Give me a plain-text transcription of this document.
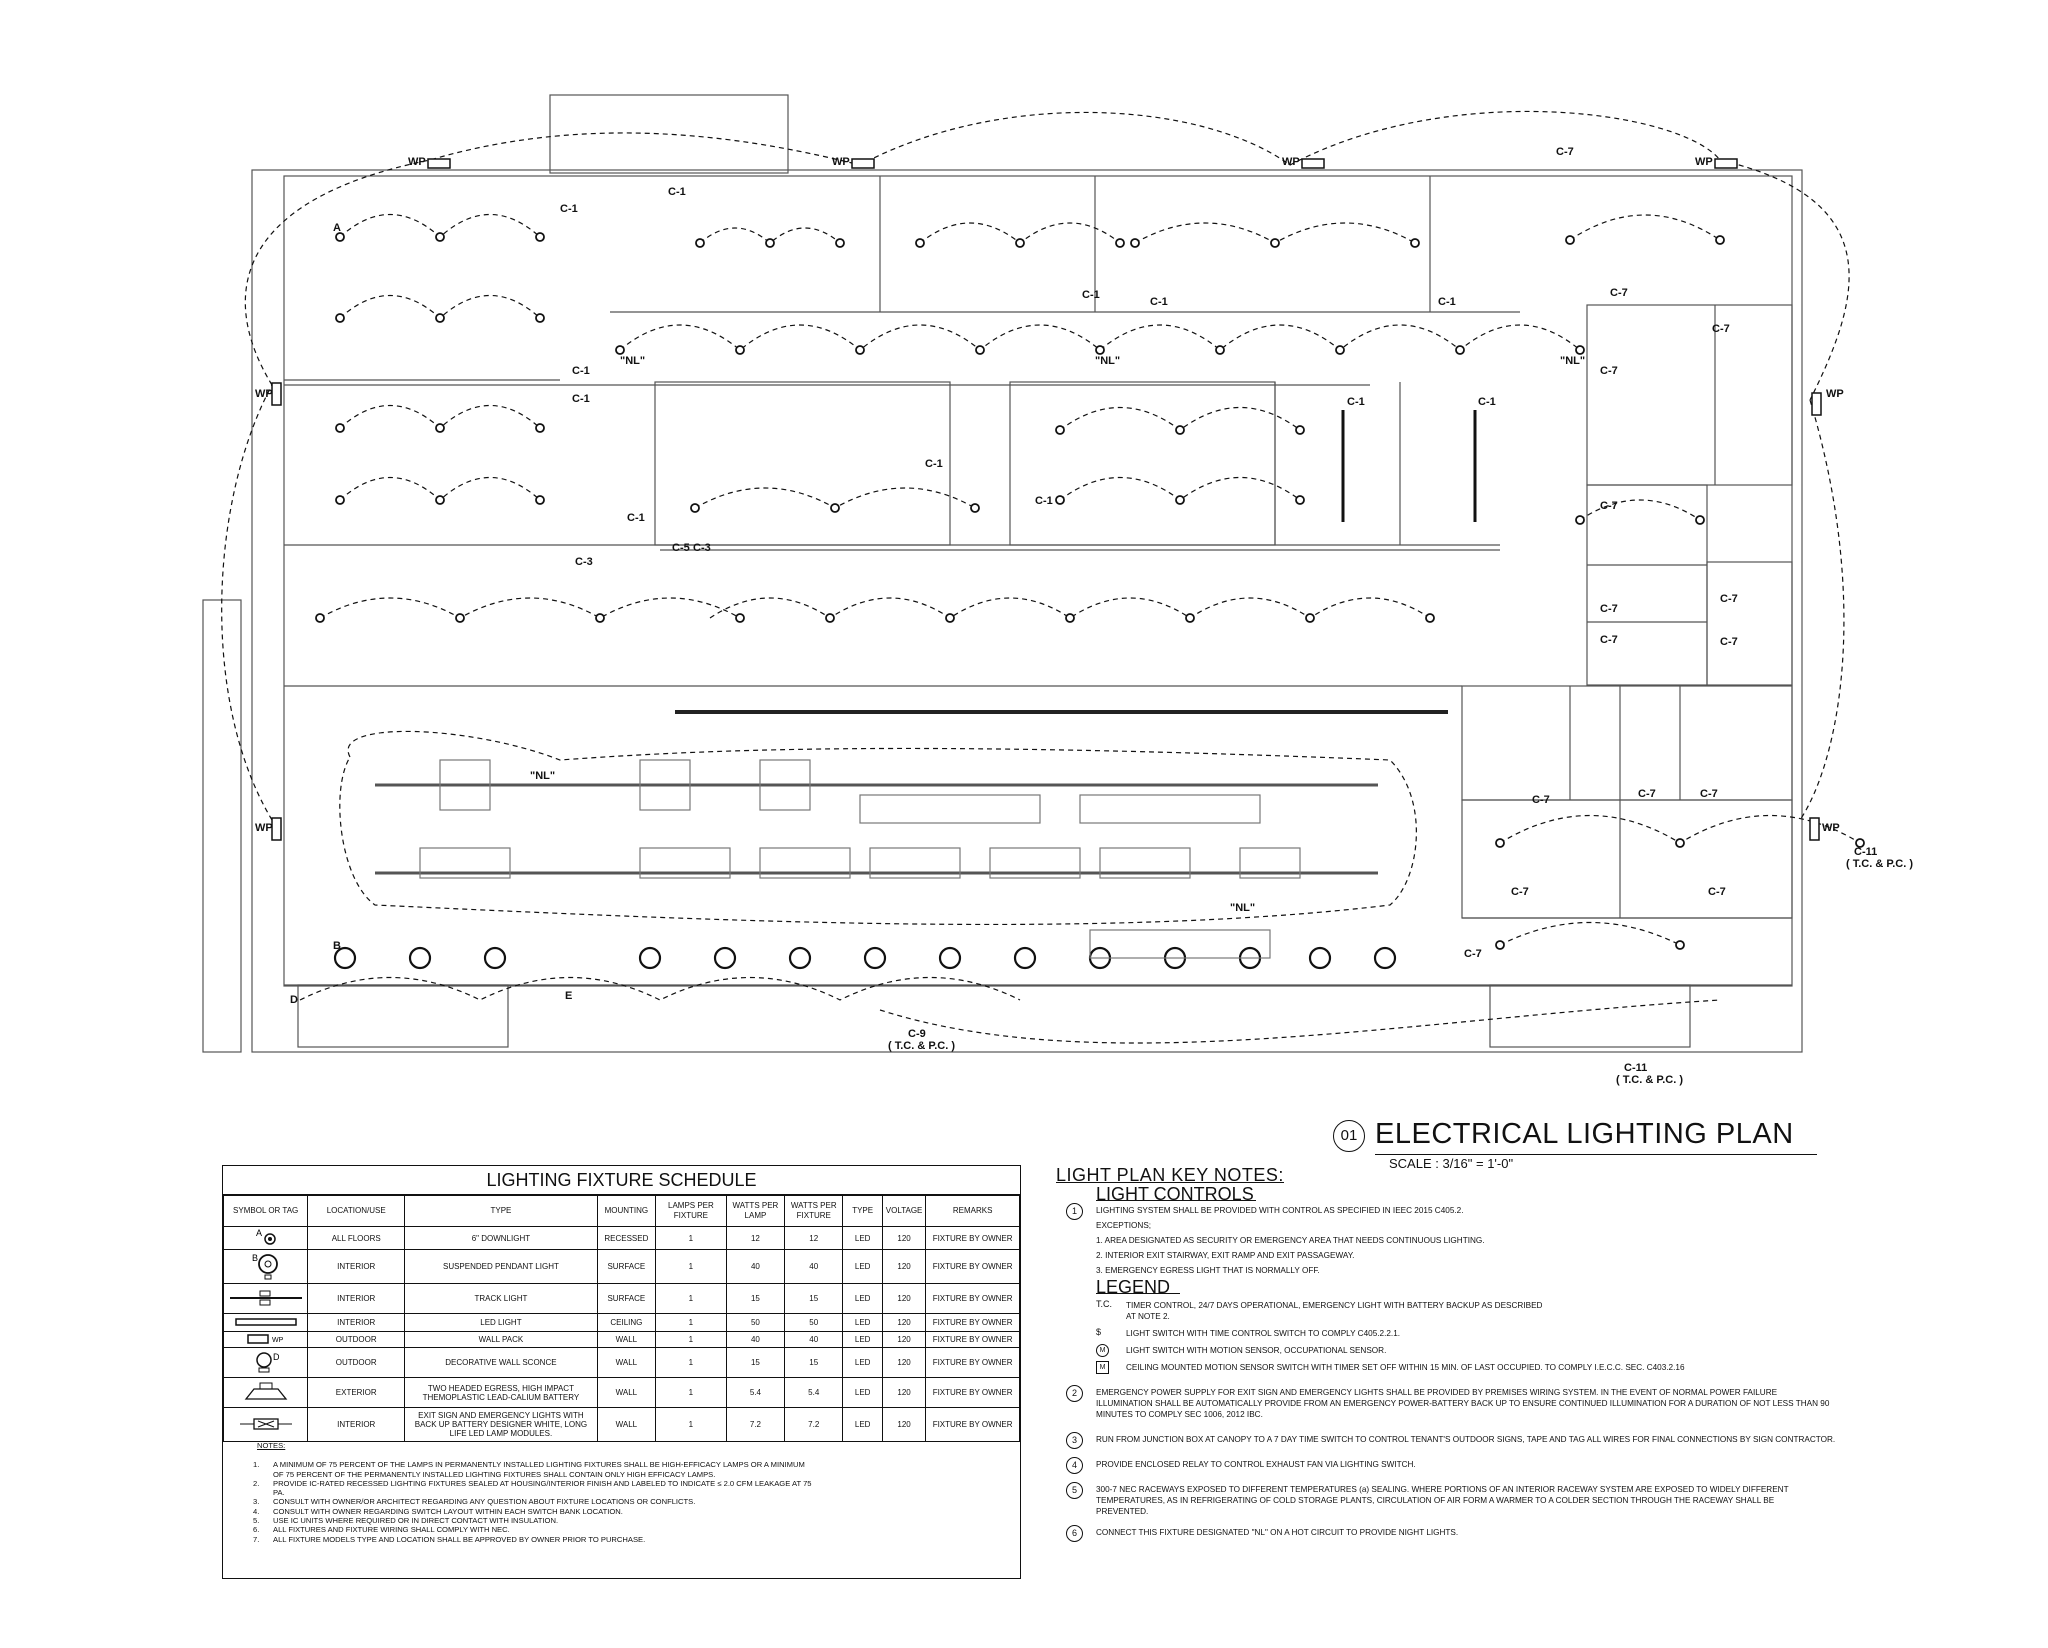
C-11
( T.C. & P.C. )
C-11
( T.C. & P.C. )
C-9
( T.C. & P.C. )
C-1
C-1
C-1
C-1
C-1
C-1
C-1
C-1
C-1
C-1	C-1
C-1
C-3
C-5 C-3
C-7
C-7
C-7
C-7
C-7
C-7
C-7
C-7
C-7	C-7	C-7
C-7	C-7
C-7
C-7
"NL"	"NL"	"NL"
"NL"
"NL"
WP	WP	WP	WP
WP
WP
WP
WP
A
B
D	E
01 ELECTRICAL LIGHTING PLAN
SCALE : 3/16" = 1'-0"
LIGHTING FIXTURE SCHEDULE
SYMBOL OR TAG	LOCATION/USE	TYPE	MOUNTING	LAMPS PER FIXTURE	WATTS PER LAMP	WATTS PER FIXTURE	TYPE	VOLTAGE	REMARKS

A	ALL FLOORS	6" DOWNLIGHT	RECESSED	1	12	12	LED	120	FIXTURE BY OWNER

B	INTERIOR	SUSPENDED PENDANT LIGHT	SURFACE	1	40	40	LED	120	FIXTURE BY OWNER
	INTERIOR	TRACK LIGHT	SURFACE	1	15	15	LED	120	FIXTURE BY OWNER
	INTERIOR	LED LIGHT	CEILING	1	50	50	LED	120	FIXTURE BY OWNER

WP	OUTDOOR	WALL PACK	WALL	1	40	40	LED	120	FIXTURE BY OWNER

D	OUTDOOR	DECORATIVE WALL SCONCE	WALL	1	15	15	LED	120	FIXTURE BY OWNER
	EXTERIOR	TWO HEADED EGRESS, HIGH IMPACT THEMOPLASTIC LEAD-CALIUM BATTERY	WALL	1	5.4	5.4	LED	120	FIXTURE BY OWNER
	INTERIOR	EXIT SIGN AND EMERGENCY LIGHTS WITH BACK UP BATTERY DESIGNER WHITE, LONG LIFE LED LAMP MODULES.	WALL	1	7.2	7.2	LED	120	FIXTURE BY OWNER
NOTES:
1. A MINIMUM OF 75 PERCENT OF THE LAMPS IN PERMANENTLY INSTALLED LIGHTING FIXTURES SHALL BE HIGH-EFFICACY LAMPS OR A MINIMUM OF 75 PERCENT OF THE PERMANENTLY INSTALLED LIGHTING FIXTURES SHALL CONTAIN ONLY HIGH EFFICACY LAMPS.
2. PROVIDE IC-RATED RECESSED LIGHTING FIXTURES SEALED AT HOUSING/INTERIOR FINISH AND LABELED TO INDICATE ≤ 2.0 CFM LEAKAGE AT 75 PA.
3. CONSULT WITH OWNER/OR ARCHITECT REGARDING ANY QUESTION ABOUT FIXTURE LOCATIONS OR CONFLICTS.
4. CONSULT WITH OWNER REGARDING SWITCH LAYOUT WITHIN EACH SWITCH BANK LOCATION.
5. USE IC UNITS WHERE REQUIRED OR IN DIRECT CONTACT WITH INSULATION.
6. ALL FIXTURES AND FIXTURE WIRING SHALL COMPLY WITH NEC.
7. ALL FIXTURE MODELS TYPE AND LOCATION SHALL BE APPROVED BY OWNER PRIOR TO PURCHASE.
LIGHT PLAN KEY NOTES:
LIGHT CONTROLS
1	LIGHTING SYSTEM SHALL BE PROVIDED WITH CONTROL AS SPECIFIED IN IEEC 2015 C405.2.
EXCEPTIONS;
1. AREA DESIGNATED AS SECURITY OR EMERGENCY AREA THAT NEEDS CONTINUOUS LIGHTING.
2. INTERIOR EXIT STAIRWAY, EXIT RAMP AND EXIT PASSAGEWAY.
3. EMERGENCY EGRESS LIGHT THAT IS NORMALLY OFF.
LEGEND
T.C. TIMER CONTROL, 24/7 DAYS OPERATIONAL, EMERGENCY LIGHT WITH BATTERY BACKUP AS DESCRIBED
AT NOTE 2.
$	LIGHT SWITCH WITH TIME CONTROL SWITCH TO COMPLY C405.2.2.1.
M	LIGHT SWITCH WITH MOTION SENSOR, OCCUPATIONAL SENSOR.
M	CEILING MOUNTED MOTION SENSOR SWITCH WITH TIMER SET OFF WITHIN 15 MIN. OF LAST OCCUPIED. TO COMPLY I.E.C.C. SEC. C403.2.16
2	EMERGENCY POWER SUPPLY FOR EXIT SIGN AND EMERGENCY LIGHTS SHALL BE PROVIDED BY PREMISES WIRING SYSTEM. IN THE EVENT OF NORMAL POWER FAILURE ILLUMINATION SHALL BE AUTOMATICALLY PROVIDE FROM AN EMERGENCY POWER-BATTERY BACK UP TO ENSURE CONTINUED ILLUMINATION FOR A DURATION OF NOT LESS THAN 90 MINUTES TO COMPLY SEC 1006, 2012 IBC.
3	RUN FROM JUNCTION BOX AT CANOPY TO A 7 DAY TIME SWITCH TO CONTROL TENANT'S OUTDOOR SIGNS, TAPE AND TAG ALL WIRES FOR FINAL CONNECTIONS BY SIGN CONTRACTOR.
4	PROVIDE ENCLOSED RELAY TO CONTROL EXHAUST FAN VIA LIGHTING SWITCH.
5	300-7 NEC RACEWAYS EXPOSED TO DIFFERENT TEMPERATURES (a) SEALING. WHERE PORTIONS OF AN INTERIOR RACEWAY SYSTEM ARE EXPOSED TO WIDELY DIFFERENT TEMPERATURES, AS IN REFRIGERATING OF COLD STORAGE PLANTS, CIRCULATION OF AIR FORM A WARMER TO A COLDER SECTION THROUGH THE RACEWAY SHALL BE PREVENTED.
6	CONNECT THIS FIXTURE DESIGNATED "NL" ON A HOT CIRCUIT TO PROVIDE NIGHT LIGHTS.
